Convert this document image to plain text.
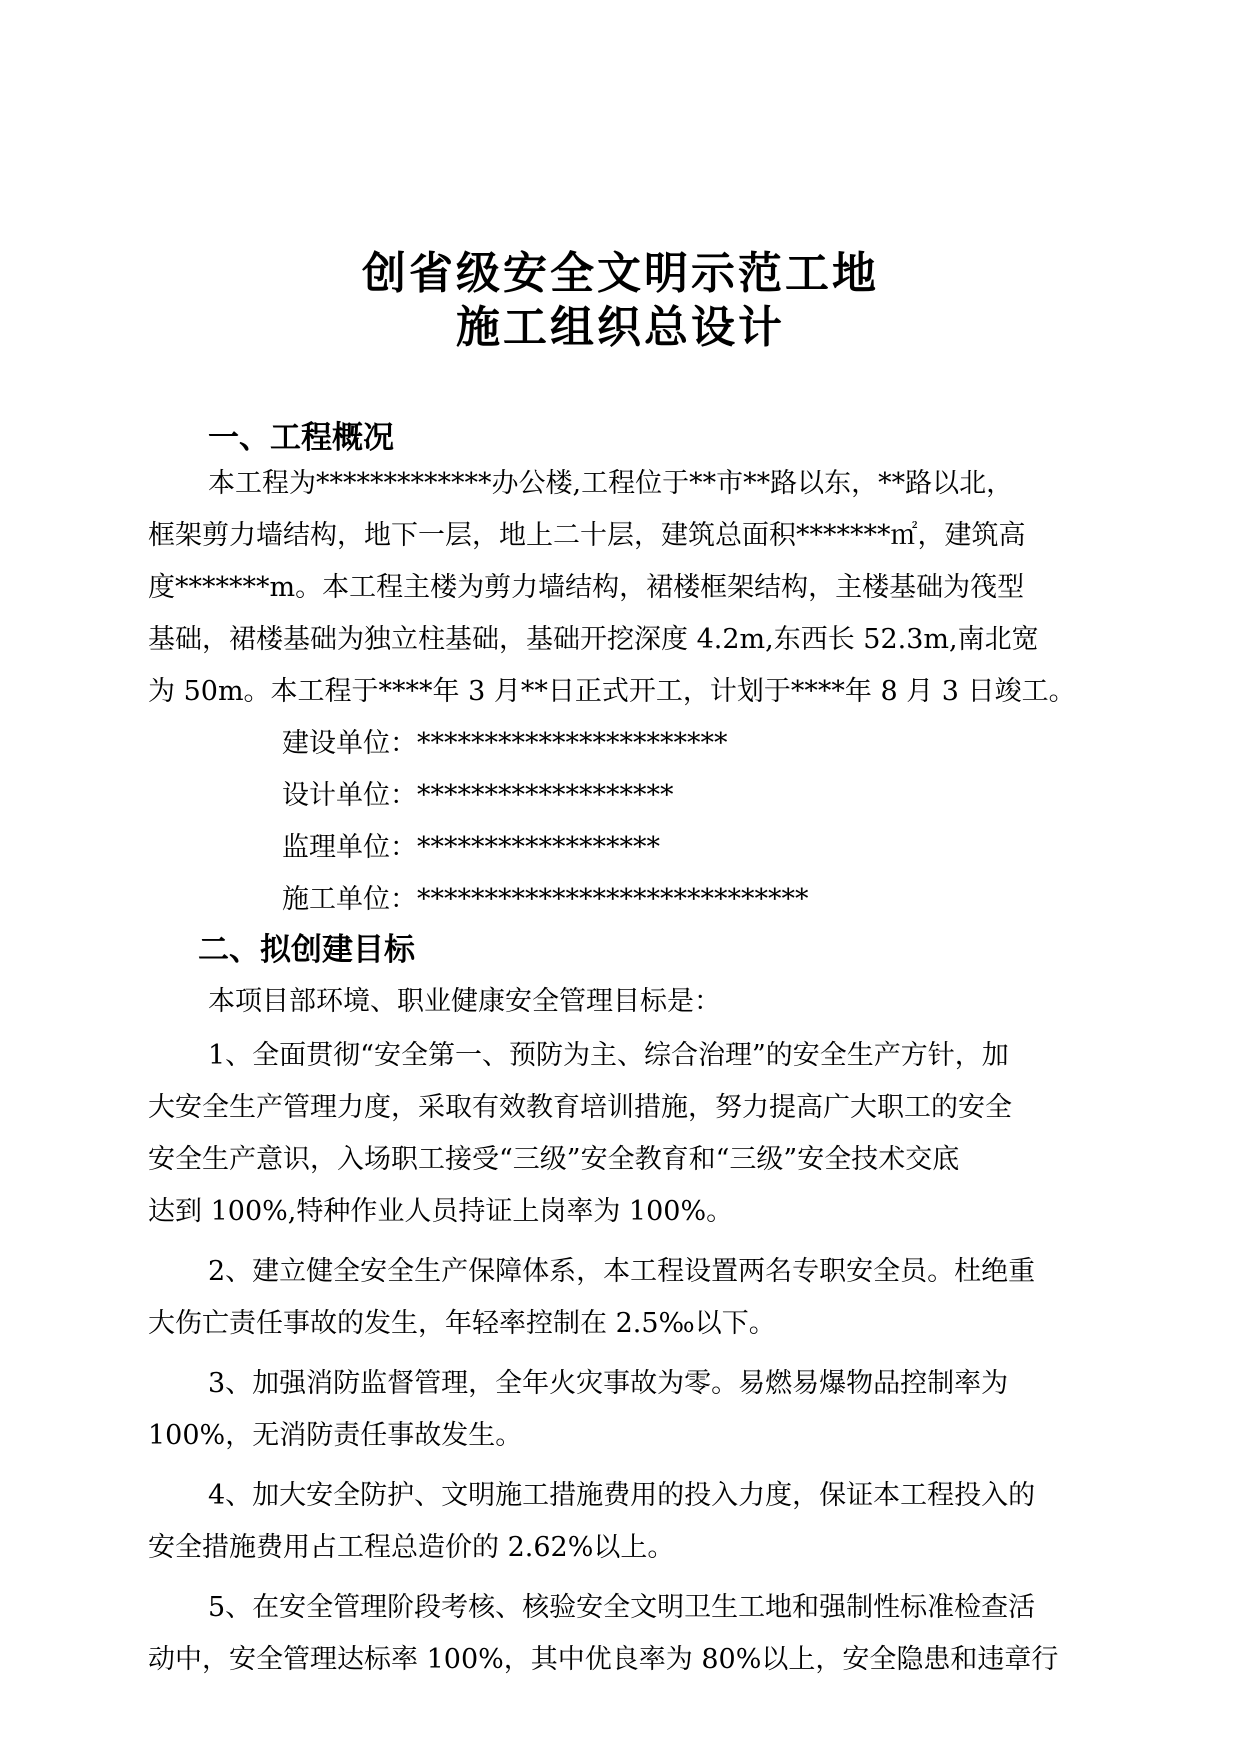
创省级安全文明示范工地
施工组织总设计
一、工程概况
本工程为*************办公楼,工程位于**市**路以东，**路以北，
框架剪力墙结构，地下一层，地上二十层，建筑总面积*******㎡，建筑高
度*******m。本工程主楼为剪力墙结构，裙楼框架结构，主楼基础为筏型
基础，裙楼基础为独立柱基础，基础开挖深度 4.2m,东西长 52.3m,南北宽
为 50m。本工程于****年 3 月**日正式开工，计划于****年 8 月 3 日竣工。
建设单位：***********************
设计单位：*******************
监理单位：******************
施工单位：*****************************
二、拟创建目标
本项目部环境、职业健康安全管理目标是：
1、全面贯彻“安全第一、预防为主、综合治理”的安全生产方针，加
大安全生产管理力度，采取有效教育培训措施，努力提高广大职工的安全
安全生产意识，入场职工接受“三级”安全教育和“三级”安全技术交底
达到 100%,特种作业人员持证上岗率为 100%。
2、建立健全安全生产保障体系，本工程设置两名专职安全员。杜绝重
大伤亡责任事故的发生，年轻率控制在 2.5‰以下。
3、加强消防监督管理，全年火灾事故为零。易燃易爆物品控制率为
100%，无消防责任事故发生。
4、加大安全防护、文明施工措施费用的投入力度，保证本工程投入的
安全措施费用占工程总造价的 2.62%以上。
5、在安全管理阶段考核、核验安全文明卫生工地和强制性标准检查活
动中，安全管理达标率 100%，其中优良率为 80%以上，安全隐患和违章行
